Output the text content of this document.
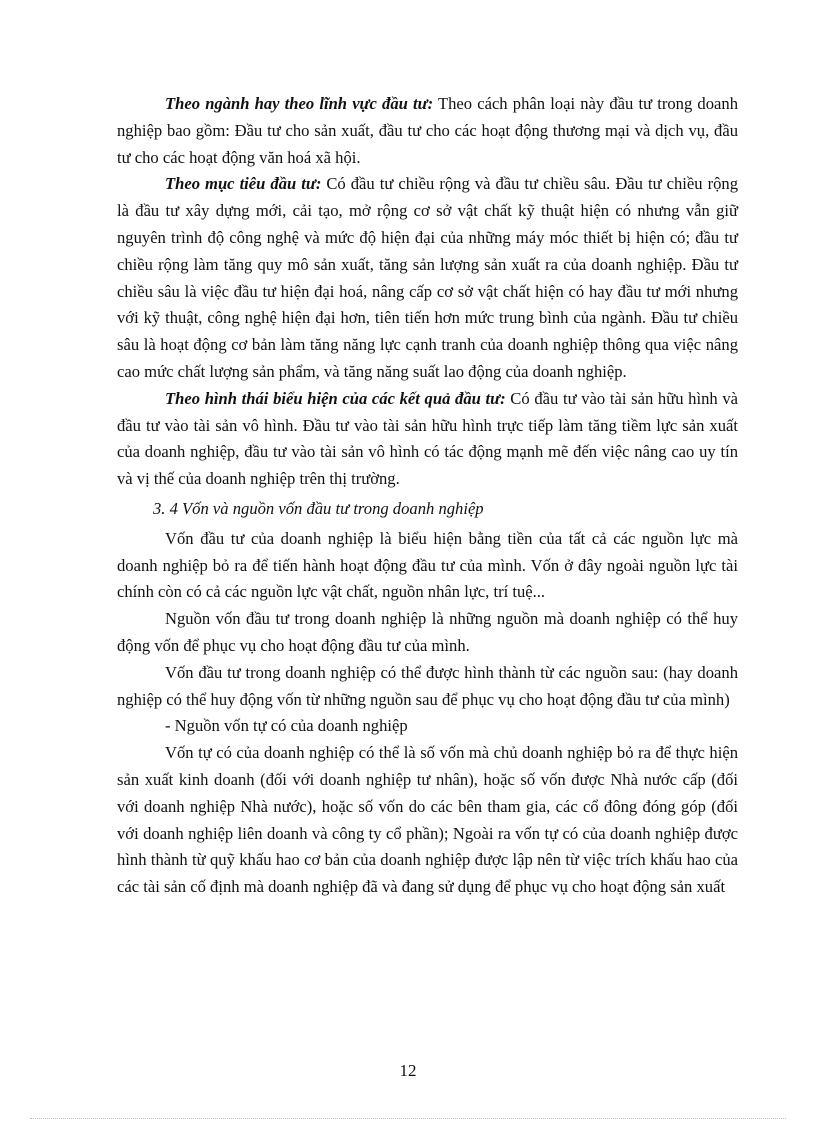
Theo ngành hay theo lĩnh vực đầu tư: Theo cách phân loại này đầu tư trong doanh nghiệp bao gồm: Đầu tư cho sản xuất, đầu tư cho các hoạt động thương mại và dịch vụ, đầu tư cho các hoạt động văn hoá xã hội.

Theo mục tiêu đầu tư: Có đầu tư chiều rộng và đầu tư chiều sâu. Đầu tư chiều rộng là đầu tư xây dựng mới, cải tạo, mở rộng cơ sở vật chất kỹ thuật hiện có nhưng vẫn giữ nguyên trình độ công nghệ và mức độ hiện đại của những máy móc thiết bị hiện có; đầu tư chiều rộng làm tăng quy mô sản xuất, tăng sản lượng sản xuất ra của doanh nghiệp. Đầu tư chiều sâu là việc đầu tư hiện đại hoá, nâng cấp cơ sở vật chất hiện có hay đầu tư mới nhưng với kỹ thuật, công nghệ hiện đại hơn, tiên tiến hơn mức trung bình của ngành. Đầu tư chiều sâu là hoạt động cơ bản làm tăng năng lực cạnh tranh của doanh nghiệp thông qua việc nâng cao mức chất lượng sản phẩm, và tăng năng suất lao động của doanh nghiệp.

Theo hình thái biểu hiện của các kết quả đầu tư: Có đầu tư vào tài sản hữu hình và đầu tư vào tài sản vô hình. Đầu tư vào tài sản hữu hình trực tiếp làm tăng tiềm lực sản xuất của doanh nghiệp, đầu tư vào tài sản vô hình có tác động mạnh mẽ đến việc nâng cao uy tín và vị thế của doanh nghiệp trên thị trường.

3. 4 Vốn và nguồn vốn đầu tư trong doanh nghiệp

Vốn đầu tư của doanh nghiệp là biểu hiện bằng tiền của tất cả các nguồn lực mà doanh nghiệp bỏ ra để tiến hành hoạt động đầu tư của mình. Vốn ở đây ngoài nguồn lực tài chính còn có cả các nguồn lực vật chất, nguồn nhân lực, trí tuệ...

Nguồn vốn đầu tư trong doanh nghiệp là những nguồn mà doanh nghiệp có thể huy động vốn để phục vụ cho hoạt động đầu tư của mình.

Vốn đầu tư trong doanh nghiệp có thể được hình thành từ các nguồn sau: (hay doanh nghiệp có thể huy động vốn từ những nguồn sau để phục vụ cho hoạt động đầu tư của mình)

- Nguồn vốn tự có của doanh nghiệp

Vốn tự có của doanh nghiệp có thể là số vốn mà chủ doanh nghiệp bỏ ra để thực hiện sản xuất kinh doanh (đối với doanh nghiệp tư nhân), hoặc số vốn được Nhà nước cấp (đối với doanh nghiệp Nhà nước), hoặc số vốn do các bên tham gia, các cổ đông đóng góp (đối với doanh nghiệp liên doanh và công ty cổ phần); Ngoài ra vốn tự có của doanh nghiệp được hình thành từ quỹ khấu hao cơ bản của doanh nghiệp được lập nên từ việc trích khấu hao của các tài sản cố định mà doanh nghiệp đã và đang sử dụng để phục vụ cho hoạt động sản xuất

12
